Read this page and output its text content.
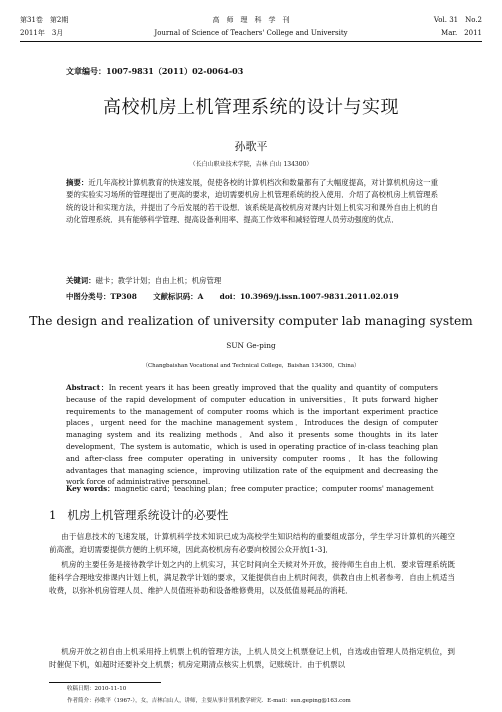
第31卷　第2期	高　师　理　科　学　刊	Vol. 31　No.2
2011年　3月	Journal of Science of Teachers' College and University	Mar.　2011
文章编号：1007-9831（2011）02-0064-03
高校机房上机管理系统的设计与实现
孙歌平
（长白山职业技术学院，吉林 白山 134300）
摘要：近几年高校计算机教育的快速发展，促使各校的计算机档次和数量都有了大幅度提高，对计算机机房这一重要的实验实习场所的管理提出了更高的要求，迫切需要机房上机管理系统的投入使用．介绍了高校机房上机管理系统的设计和实现方法，并提出了今后发展的若干设想．该系统是高校机房对课内计划上机实习和课外自由上机的自动化管理系统．具有能够科学管理、提高设备利用率、提高工作效率和减轻管理人员劳动强度的优点．
关键词：磁卡；教学计划；自由上机；机房管理
中图分类号：TP308 文献标识码：A doi：10.3969/j.issn.1007-9831.2011.02.019
The design and realization of university computer lab managing system
SUN Ge-ping
（Changbaishan Vocational and Technical College，Baishan 134300，China）
Abstract：In recent years it has been greatly improved that the quality and quantity of computers because of the rapid development of computer education in universities．It puts forward higher requirements to the management of computer rooms which is the important experiment practice places，urgent need for the machine management system．Introduces the design of computer managing system and its realizing methods．And also it presents some thoughts in its later development．The system is automatic，which is used in operating practice of in-class teaching plan and after-class free computer operating in university computer rooms．It has the following advantages that managing science，improving utilization rate of the equipment and decreasing the work force of administrative personnel.
Key words：magnetic card；teaching plan；free computer practice；computer rooms' management
1 机房上机管理系统设计的必要性

由于信息技术的飞速发展，计算机科学技术知识已成为高校学生知识结构的重要组成部分，学生学习计算机的兴趣空前高涨，迫切需要提供方便的上机环境，因此高校机房有必要向校园公众开放[1-3]．

机房的主要任务是接待教学计划之内的上机实习，其它时间向全天候对外开放，接待师生自由上机．要求管理系统既能科学合理地安排课内计划上机，满足教学计划的要求，又能提供自由上机时间表，供教自由上机者参考．自由上机适当收费，以弥补机房管理人员、维护人员值班补助和设备维修费用，以及低值易耗品的消耗．

机房开放之初自由上机采用持上机票上机的管理方法，上机人员交上机票登记上机，自选或由管理人员指定机位，到时催促下机，如超时还要补交上机票；机房定期清点核实上机票，记账统计．由于机票以

收稿日期：2010-11-10
作者简介：孙歌平（1967-），女，吉林白山人，讲师，主要从事计算机教学研究．E-mail：sun.geping@163.com
